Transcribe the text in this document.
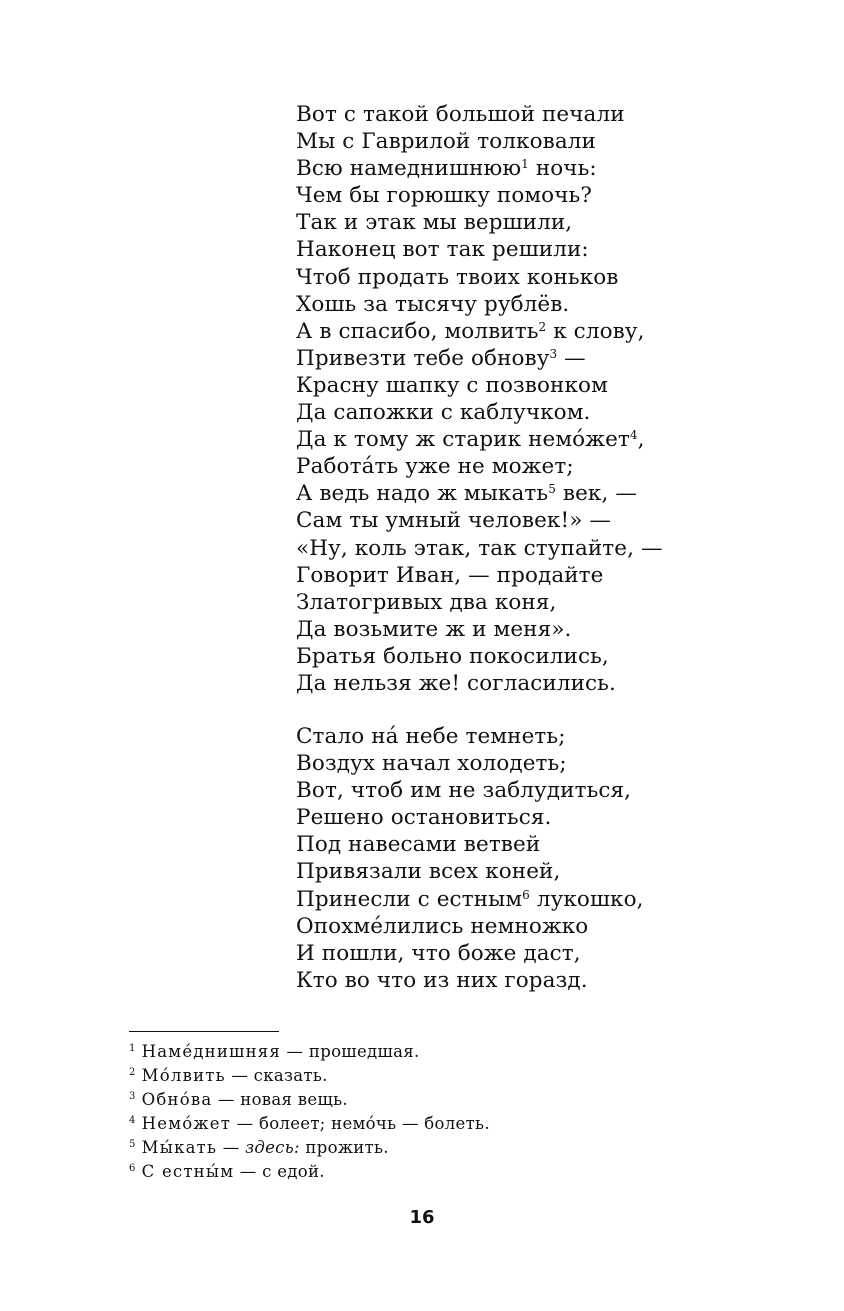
Вот с такой большой печали
Мы с Гаврилой толковали
Всю намеднишнюю$^1$ ночь:
Чем бы горюшку помочь?
Так и этак мы вершили,
Наконец вот так решили:
Чтоб продать твоих коньков
Хошь за тысячу рублёв.
А в спасибо, молвить$^2$ к слову,
Привезти тебе обнову$^3$ —
Красну шапку с позвонком
Да сапожки с каблучком.
Да к тому ж старик немо́жет$^4$,
Работа́ть уже не может;
А ведь надо ж мыкать$^5$ век, —
Сам ты умный человек!» —
«Ну, коль этак, так ступайте, —
Говорит Иван, — продайте
Златогривых два коня,
Да возьмите ж и меня».
Братья больно покосились,
Да нельзя же! согласились.
Стало на́ небе темнеть;
Воздух начал холодеть;
Вот, чтоб им не заблудиться,
Решено остановиться.
Под навесами ветвей
Привязали всех коней,
Принесли с естным$^6$ лукошко,
Опохме́лились немножко
И пошли, что боже даст,
Кто во что из них горазд.
$^1$ Наме́днишняя — прошедшая.
$^2$ Мо́лвить — сказать.
$^3$ Обно́ва — новая вещь.
$^4$ Немо́жет — болеет; немо́чь — болеть.
$^5$ Мы́кать — здесь: прожить.
$^6$ С естны́м — с едой.
16
